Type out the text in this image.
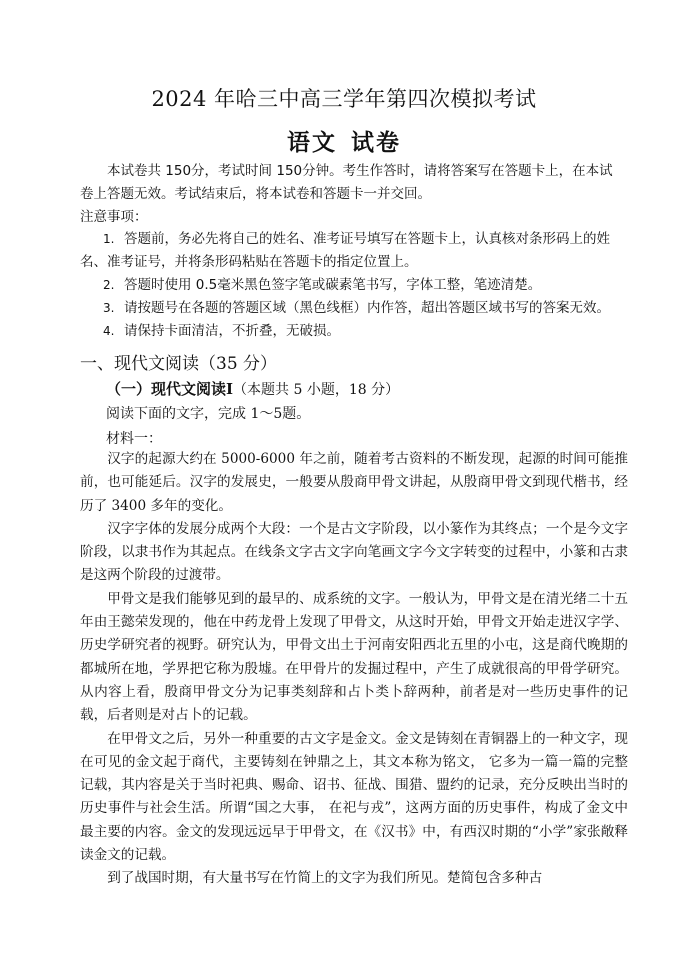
2024 年哈三中高三学年第四次模拟考试
语文 试卷
本试卷共 150分，考试时间 150分钟。考生作答时，请将答案写在答题卡上，在本试卷上答题无效。考试结束后，将本试卷和答题卡一并交回。
注意事项：
1. 答题前，务必先将自己的姓名、准考证号填写在答题卡上，认真核对条形码上的姓名、准考证号，并将条形码粘贴在答题卡的指定位置上。
2. 答题时使用 0.5毫米黑色签字笔或碳素笔书写，字体工整，笔迹清楚。
3. 请按题号在各题的答题区域（黑色线框）内作答，超出答题区域书写的答案无效。
4. 请保持卡面清洁，不折叠，无破损。
一、现代文阅读（35 分）
（一）现代文阅读Ⅰ（本题共 5 小题，18 分）
阅读下面的文字，完成 1～5题。
材料一：

汉字的起源大约在 5000-6000 年之前，随着考古资料的不断发现，起源的时间可能推前，也可能延后。汉字的发展史，一般要从殷商甲骨文讲起，从殷商甲骨文到现代楷书，经历了 3400 多年的变化。

汉字字体的发展分成两个大段：一个是古文字阶段，以小篆作为其终点；一个是今文字阶段，以隶书作为其起点。在线条文字古文字向笔画文字今文字转变的过程中，小篆和古隶是这两个阶段的过渡带。

甲骨文是我们能够见到的最早的、成系统的文字。一般认为，甲骨文是在清光绪二十五年由王懿荣发现的，他在中药龙骨上发现了甲骨文，从这时开始，甲骨文开始走进汉字学、历史学研究者的视野。研究认为，甲骨文出土于河南安阳西北五里的小屯，这是商代晚期的都城所在地，学界把它称为殷墟。在甲骨片的发掘过程中，产生了成就很高的甲骨学研究。从内容上看，殷商甲骨文分为记事类刻辞和占卜类卜辞两种，前者是对一些历史事件的记载，后者则是对占卜的记载。

在甲骨文之后，另外一种重要的古文字是金文。金文是铸刻在青铜器上的一种文字，现在可见的金文起于商代，主要铸刻在钟鼎之上，其文本称为铭文， 它多为一篇一篇的完整记载，其内容是关于当时祀典、赐命、诏书、征战、围猎、盟约的记录，充分反映出当时的历史事件与社会生活。所谓“国之大事， 在祀与戎”，这两方面的历史事件，构成了金文中最主要的内容。金文的发现远远早于甲骨文，在《汉书》中，有西汉时期的“小学”家张敞释读金文的记载。

到了战国时期，有大量书写在竹简上的文字为我们所见。楚简包含多种古
